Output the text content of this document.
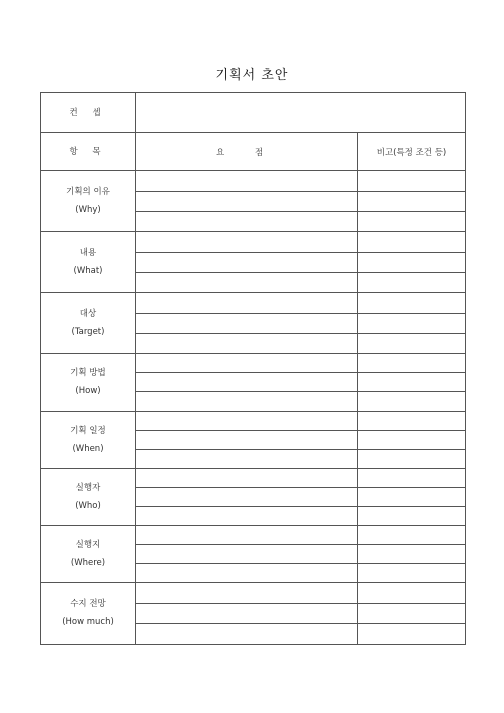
기획서 초안
컨 셉		
항 목	요 점	비고(특정 조건 등)

기획의 이유
(Why)		

내용
(What)		

대상
(Target)		

기획 방법
(How)		

기획 일정
(When)		

실행자
(Who)		

실행지
(Where)		

수지 전망
(How much)		
